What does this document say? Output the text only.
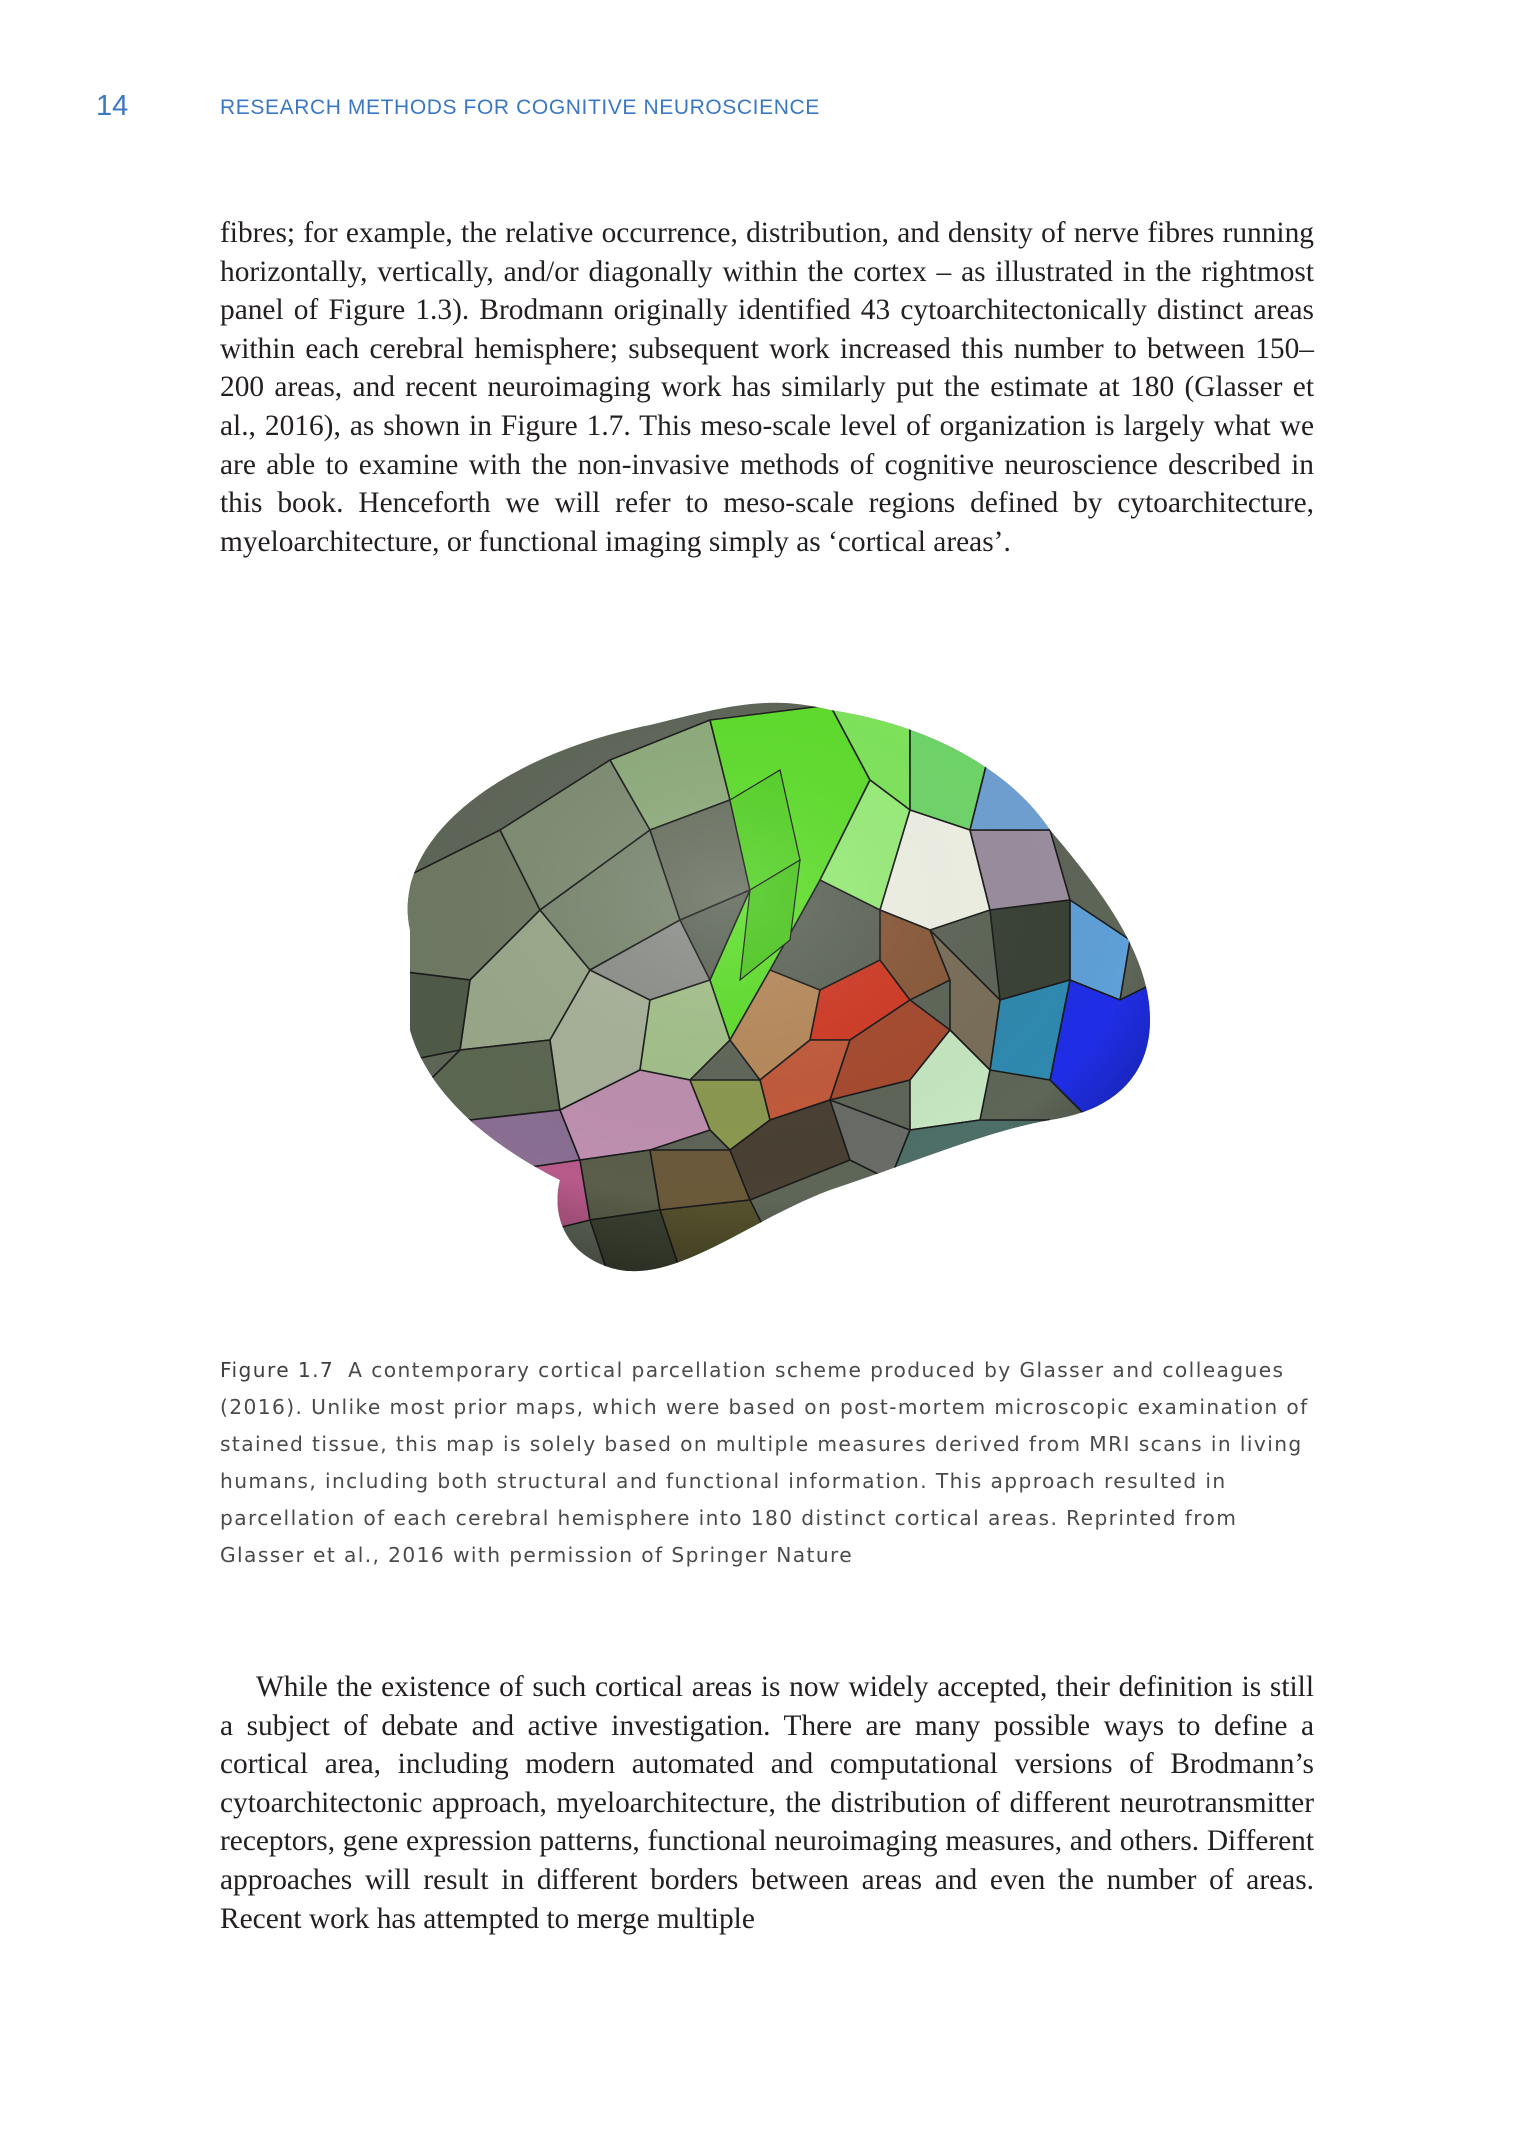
14	RESEARCH METHODS FOR COGNITIVE NEUROSCIENCE

fibres; for example, the relative occurrence, distribution, and density of nerve fibres running horizontally, vertically, and/or diagonally within the cortex – as illustrated in the rightmost panel of Figure 1.3). Brodmann originally identified 43 cytoarchitectonically distinct areas within each cerebral hemisphere; subsequent work increased this number to between 150–200 areas, and recent neuroimaging work has similarly put the estimate at 180 (Glasser et al., 2016), as shown in Figure 1.7. This meso-scale level of organization is largely what we are able to examine with the non-invasive methods of cognitive neuroscience described in this book. Henceforth we will refer to meso-scale regions defined by cytoarchitecture, myeloarchitecture, or functional imaging simply as ‘cortical areas’.

Figure 1.7 A contemporary cortical parcellation scheme produced by Glasser and colleagues (2016). Unlike most prior maps, which were based on post-mortem microscopic examination of stained tissue, this map is solely based on multiple measures derived from MRI scans in living humans, including both structural and functional information. This approach resulted in parcellation of each cerebral hemisphere into 180 distinct cortical areas. Reprinted from Glasser et al., 2016 with permission of Springer Nature

While the existence of such cortical areas is now widely accepted, their definition is still a subject of debate and active investigation. There are many possible ways to define a cortical area, including modern automated and computational versions of Brodmann’s cytoarchitectonic approach, myeloarchitecture, the distribution of different neurotransmitter receptors, gene expression patterns, functional neuroimaging measures, and others. Different approaches will result in different borders between areas and even the number of areas. Recent work has attempted to merge multiple
